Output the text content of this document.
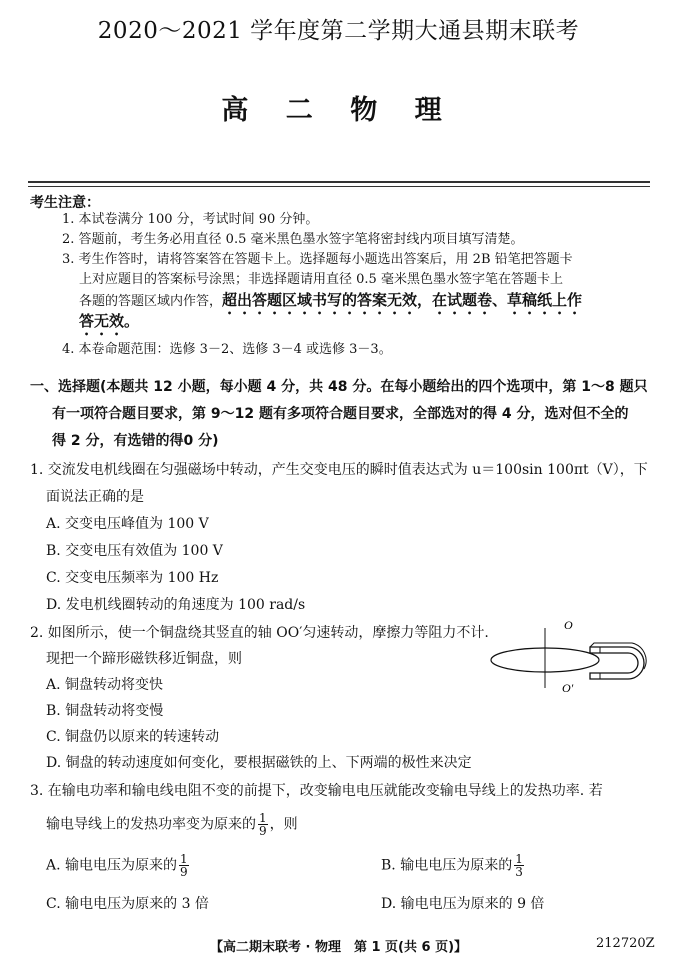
2020～2021 学年度第二学期大通县期末联考
高 二 物 理
考生注意：
1. 本试卷满分 100 分，考试时间 90 分钟。
2. 答题前，考生务必用直径 0.5 毫米黑色墨水签字笔将密封线内项目填写清楚。
3. 考生作答时，请将答案答在答题卡上。选择题每小题选出答案后，用 2B 铅笔把答题卡
上对应题目的答案标号涂黑；非选择题请用直径 0.5 毫米黑色墨水签字笔在答题卡上
各题的答题区域内作答，超出答题区域书写的答案无效，在试题卷、草稿纸上作
答无效。
4. 本卷命题范围：选修 3－2、选修 3－4 或选修 3－3。
一、选择题(本题共 12 小题，每小题 4 分，共 48 分。在每小题给出的四个选项中，第 1～8 题只
有一项符合题目要求，第 9～12 题有多项符合题目要求，全部选对的得 4 分，选对但不全的
得 2 分，有选错的得0 分)
1. 交流发电机线圈在匀强磁场中转动，产生交变电压的瞬时值表达式为 u＝100sin 100πt（V），下
面说法正确的是
A. 交变电压峰值为 100 V
B. 交变电压有效值为 100 V
C. 交变电压频率为 100 Hz
D. 发电机线圈转动的角速度为 100 rad/s
2. 如图所示，使一个铜盘绕其竖直的轴 OO′匀速转动，摩擦力等阻力不计.
现把一个蹄形磁铁移近铜盘，则
A. 铜盘转动将变快
B. 铜盘转动将变慢
C. 铜盘仍以原来的转速转动
D. 铜盘的转动速度如何变化，要根据磁铁的上、下两端的极性来决定
O
O′
3. 在输电功率和输电线电阻不变的前提下，改变输电电压就能改变输电导线上的发热功率. 若
输电导线上的发热功率变为原来的 $\frac{1}{9}$ ，则
A. 输电电压为原来的 $\frac{1}{9}$	B. 输电电压为原来的 $\frac{1}{3}$
C. 输电电压为原来的 3 倍	D. 输电电压为原来的 9 倍
【高二期末联考 · 物理　第 1 页(共 6 页)】	212720Z
